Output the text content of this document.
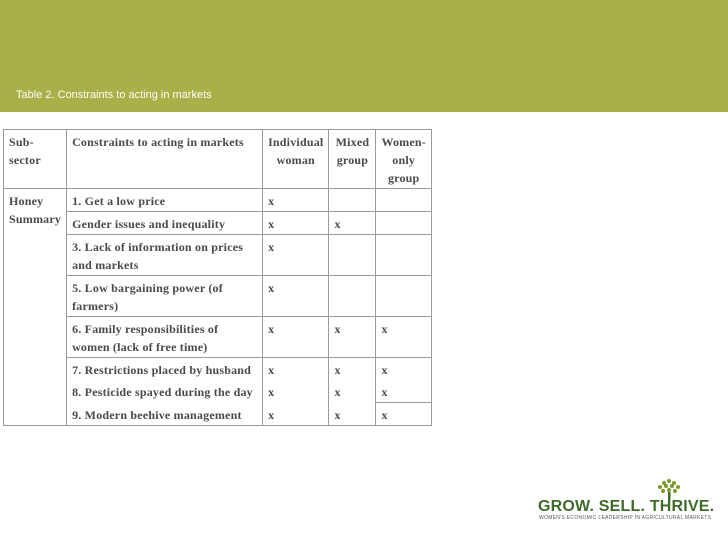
Table 2. Constraints to acting in markets
Sub-sector	Constraints to acting in markets	Individual woman	Mixed group	Women-only group
Honey Summary	1. Get a low price	x		
	Gender issues and inequality	x	x	
	3. Lack of information on prices and markets	x		
	5. Low bargaining power (of farmers)	x		
	6. Family responsibilities of women (lack of free time)	x	x	x
	7. Restrictions placed by husband	x	x	x
	8. Pesticide spayed during the day	x	x	x
	9. Modern beehive management	x	x	x
GROW. SELL. THRIVE.
WOMEN'S ECONOMIC LEADERSHIP IN AGRICULTURAL MARKETS
